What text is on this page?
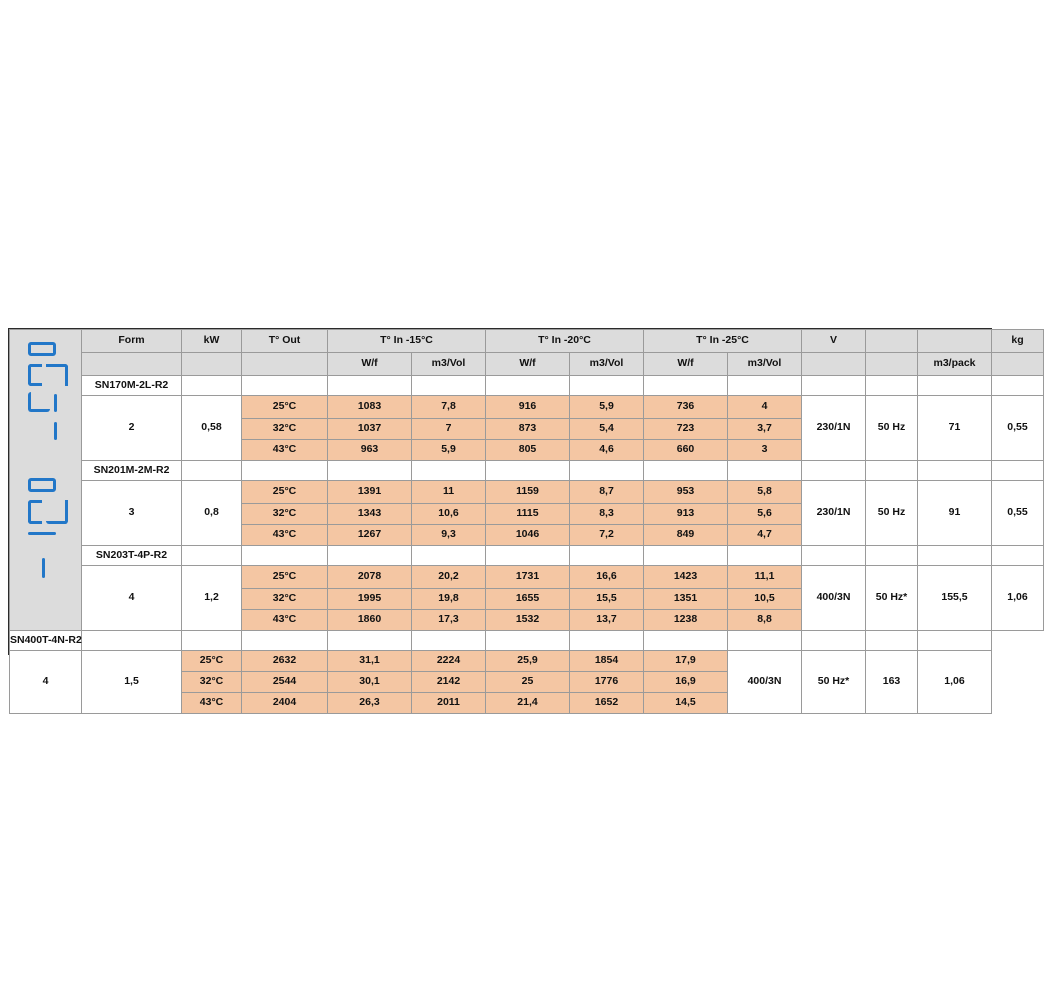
	Form	kW	T° Out	T° In -15°C		T° In -20°C		T° In -25°C		V			kg
				W/f	m3/Vol	W/f	m3/Vol	W/f	m3/Vol			m3/pack	
	SN170M-2L-R2												
	2	0,58	25°C	1083	7,8	916	5,9	736	4	230/1N	50 Hz	71	0,55
			32°C	1037	7	873	5,4	723	3,7				
			43°C	963	5,9	805	4,6	660	3				
	SN201M-2M-R2												
	3	0,8	25°C	1391	11	1159	8,7	953	5,8	230/1N	50 Hz	91	0,55
			32°C	1343	10,6	1115	8,3	913	5,6				
			43°C	1267	9,3	1046	7,2	849	4,7				
	SN203T-4P-R2												
	4	1,2	25°C	2078	20,2	1731	16,6	1423	11,1	400/3N	50 Hz*	155,5	1,06
			32°C	1995	19,8	1655	15,5	1351	10,5				
			43°C	1860	17,3	1532	13,7	1238	8,8				
SN400T-4N-R2													
4	1,5	25°C	2632	31,1	2224	25,9	1854	17,9	400/3N	50 Hz*	163	1,06	
		32°C	2544	30,1	2142	25	1776	16,9					
		43°C	2404	26,3	2011	21,4	1652	14,5					
